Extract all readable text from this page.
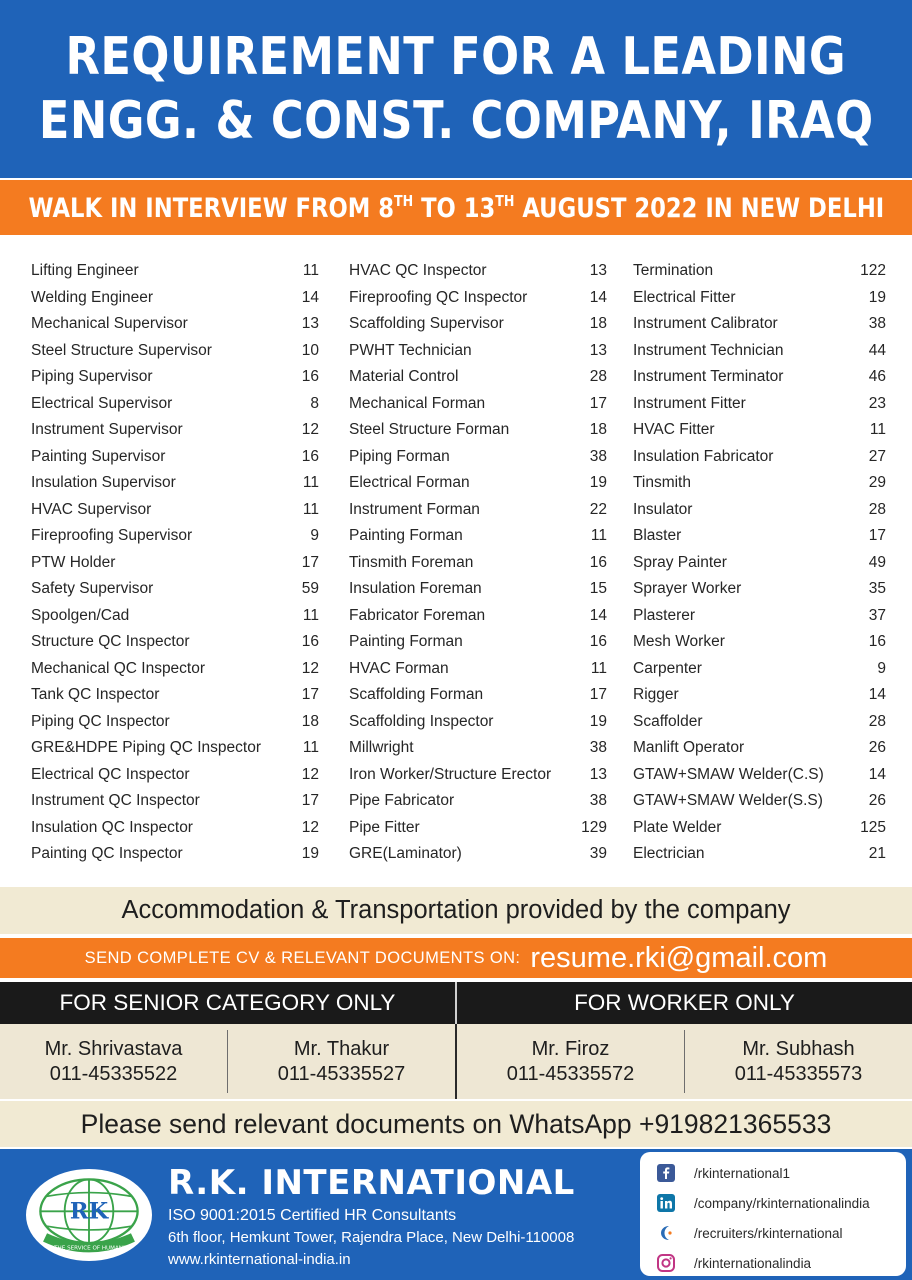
REQUIREMENT FOR A LEADING
ENGG. & CONST. COMPANY, IRAQ
WALK IN INTERVIEW FROM 8TH TO 13TH AUGUST 2022 IN NEW DELHI
Lifting Engineer	11
Welding Engineer	14
Mechanical Supervisor	13
Steel Structure Supervisor	10
Piping Supervisor	16
Electrical Supervisor	8
Instrument Supervisor	12
Painting Supervisor	16
Insulation Supervisor	11
HVAC Supervisor	11
Fireproofing Supervisor	9
PTW Holder	17
Safety Supervisor	59
Spoolgen/Cad	11
Structure QC Inspector	16
Mechanical QC Inspector	12
Tank QC Inspector	17
Piping QC Inspector	18
GRE&HDPE Piping QC Inspector	11
Electrical QC Inspector	12
Instrument QC Inspector	17
Insulation QC Inspector	12
Painting QC Inspector	19
HVAC QC Inspector	13
Fireproofing QC Inspector	14
Scaffolding Supervisor	18
PWHT Technician	13
Material Control	28
Mechanical Forman	17
Steel Structure Forman	18
Piping Forman	38
Electrical Forman	19
Instrument Forman	22
Painting Forman	11
Tinsmith Foreman	16
Insulation Foreman	15
Fabricator Foreman	14
Painting Forman	16
HVAC Forman	11
Scaffolding Forman	17
Scaffolding Inspector	19
Millwright	38
Iron Worker/Structure Erector 13
Pipe Fabricator	38
Pipe Fitter	129
GRE(Laminator)	39
Termination	122
Electrical Fitter	19
Instrument Calibrator	38
Instrument Technician	44
Instrument Terminator	46
Instrument Fitter	23
HVAC Fitter	11
Insulation Fabricator	27
Tinsmith	29
Insulator	28
Blaster	17
Spray Painter	49
Sprayer Worker	35
Plasterer	37
Mesh Worker	16
Carpenter	9
Rigger	14
Scaffolder	28
Manlift Operator	26
GTAW+SMAW Welder(C.S)	14
GTAW+SMAW Welder(S.S)	26
Plate Welder	125
Electrician	21
Accommodation & Transportation provided by the company
SEND COMPLETE CV & RELEVANT DOCUMENTS ON: resume.rki@gmail.com
FOR SENIOR CATEGORY ONLY	FOR WORKER ONLY
Mr. Shrivastava
011-45335522
Mr. Thakur
011-45335527
Mr. Firoz
011-45335572
Mr. Subhash
011-45335573
Please send relevant documents on WhatsApp +919821365533
RK
IN THE SERVICE OF HUMANITY
R.K. INTERNATIONAL
ISO 9001:2015 Certified HR Consultants
6th floor, Hemkunt Tower, Rajendra Place, New Delhi-110008
www.rkinternational-india.in
/rkinternational1
/company/rkinternationalindia
/recruiters/rkinternational
/rkinternationalindia
